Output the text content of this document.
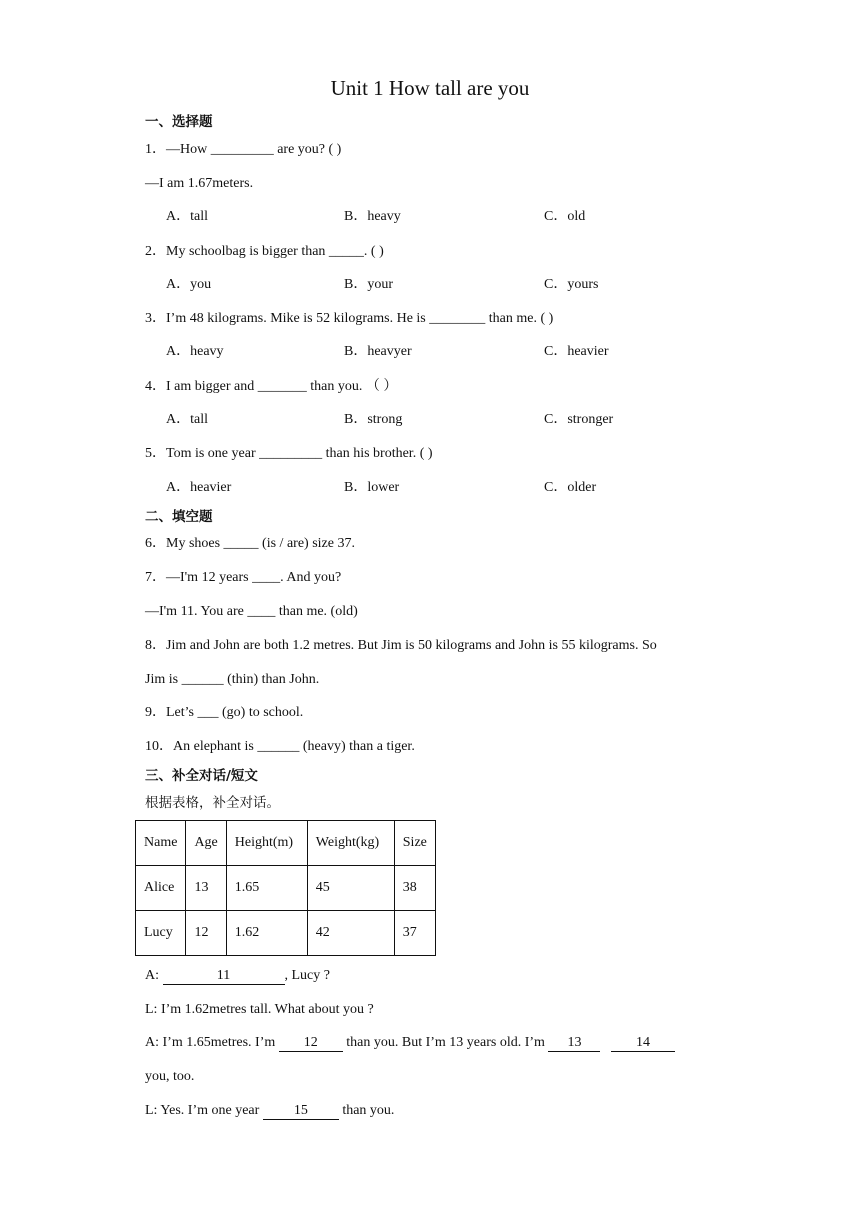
Unit 1 How tall are you
一、选择题
1．—How _________ are you? ( )
—I am 1.67meters.
A．tall	B．heavy	C．old
2．My schoolbag is bigger than _____. ( )
A．you	B．your	C．yours
3．I’m 48 kilograms. Mike is 52 kilograms. He is ________ than me. ( )
A．heavy	B．heavyer	C．heavier
4．I am bigger and _______ than you. （ ）
A．tall	B．strong	C．stronger
5．Tom is one year _________ than his brother. ( )
A．heavier	B．lower	C．older
二、填空题
6．My shoes _____ (is / are) size 37.
7．—I'm 12 years ____. And you?
—I'm 11. You are ____ than me. (old)
8．Jim and John are both 1.2 metres. But Jim is 50 kilograms and John is 55 kilograms. So
Jim is ______ (thin) than John.
9．Let’s ___ (go) to school.
10．An elephant is ______ (heavy) than a tiger.
三、补全对话/短文
根据表格，补全对话。
Name	Age	Height(m)	Weight(kg)	Size
Alice	13	1.65	45	38
Lucy	12	1.62	42	37
A:	11	, Lucy ?
L: I’m 1.62metres tall. What about you ?
A: I’m 1.65metres. I’m 12 than you. But I’m 13 years old. I’m 13	14
you, too.
L: Yes. I’m one year 15 than you.
